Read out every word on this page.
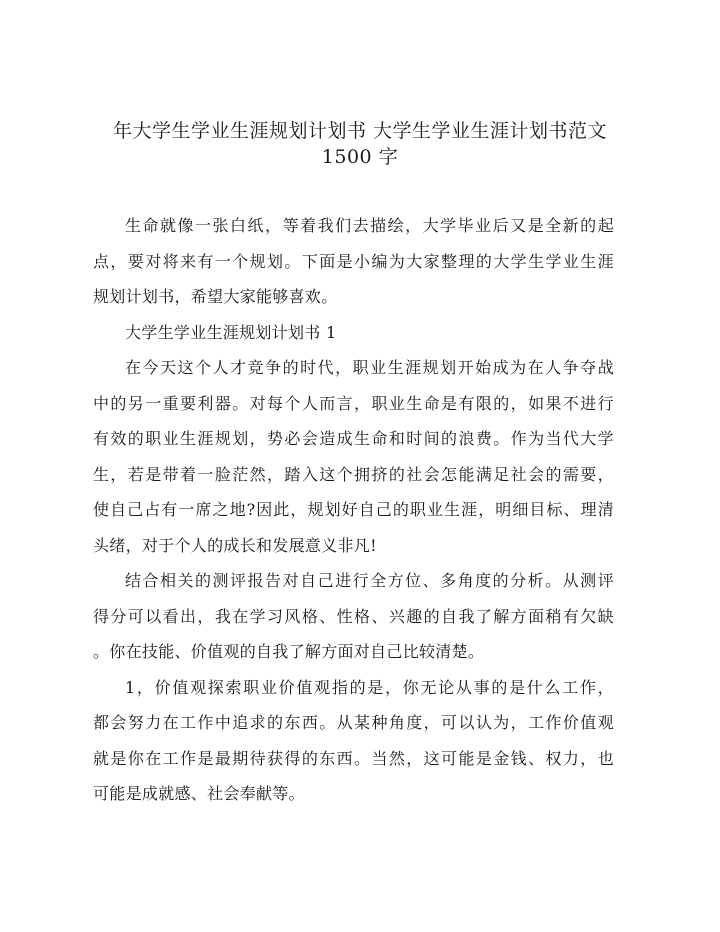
年大学生学业生涯规划计划书 大学生学业生涯计划书范文
1500 字

生命就像一张白纸，等着我们去描绘，大学毕业后又是全新的起
点，要对将来有一个规划。下面是小编为大家整理的大学生学业生涯
规划计划书，希望大家能够喜欢。

大学生学业生涯规划计划书 1

在今天这个人才竞争的时代，职业生涯规划开始成为在人争夺战
中的另一重要利器。对每个人而言，职业生命是有限的，如果不进行
有效的职业生涯规划，势必会造成生命和时间的浪费。作为当代大学
生，若是带着一脸茫然，踏入这个拥挤的社会怎能满足社会的需要，
使自己占有一席之地?因此，规划好自己的职业生涯，明细目标、理清
头绪，对于个人的成长和发展意义非凡!

结合相关的测评报告对自己进行全方位、多角度的分析。从测评
得分可以看出，我在学习风格、性格、兴趣的自我了解方面稍有欠缺
。你在技能、价值观的自我了解方面对自己比较清楚。

1，价值观探索职业价值观指的是，你无论从事的是什么工作，
都会努力在工作中追求的东西。从某种角度，可以认为，工作价值观
就是你在工作是最期待获得的东西。当然，这可能是金钱、权力，也
可能是成就感、社会奉献等。
